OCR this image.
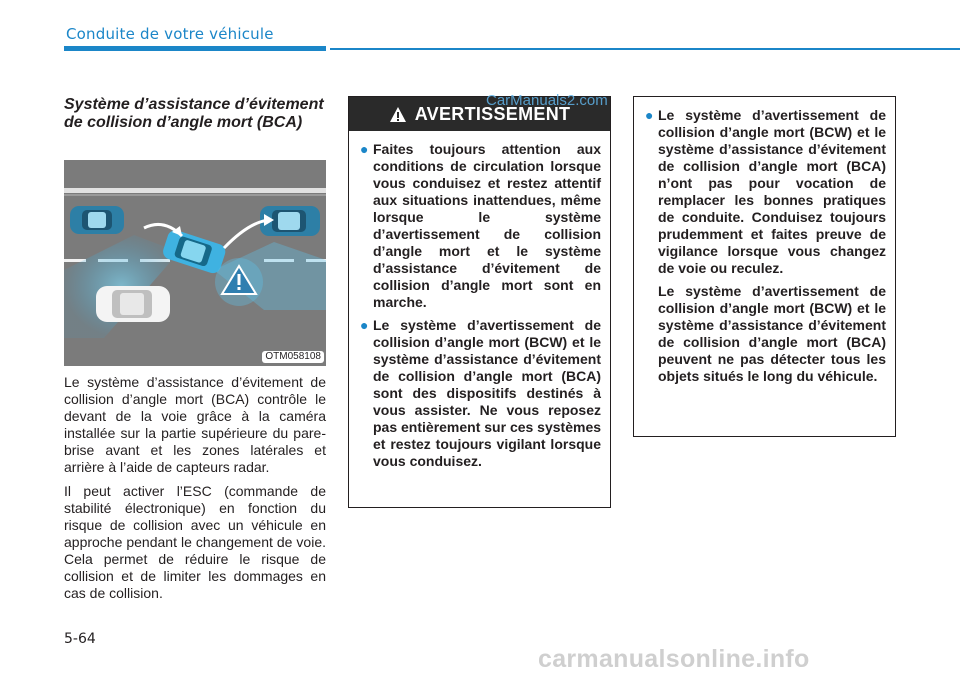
Conduite de votre véhicule
Système d’assistance d’évitement de collision d’angle mort (BCA)
OTM058108

Le système d’assistance d’évitement de collision d’angle mort (BCA) contrôle le devant de la voie grâce à la caméra installée sur la partie supérieure du pare-brise avant et les zones latérales et arrière à l’aide de capteurs radar.

Il peut activer l’ESC (commande de stabilité électronique) en fonction du risque de collision avec un véhicule en approche pendant le changement de voie. Cela permet de réduire le risque de collision et de limiter les dommages en cas de collision.

AVERTISSEMENT
● Faites toujours attention aux conditions de circulation lorsque vous conduisez et restez attentif aux situations inattendues, même lorsque le système d’avertissement de collision d’angle mort et le système d’assistance d’évitement de collision d’angle mort sont en marche.
● Le système d’avertissement de collision d’angle mort (BCW) et le système d’assistance d’évitement de collision d’angle mort (BCA) sont des dispositifs destinés à vous assister. Ne vous reposez pas entièrement sur ces systèmes et restez toujours vigilant lorsque vous conduisez.
CarManuals2.com
● Le système d’avertissement de collision d’angle mort (BCW) et le système d’assistance d’évitement de collision d’angle mort (BCA) n’ont pas pour vocation de remplacer les bonnes pratiques de conduite. Conduisez toujours prudemment et faites preuve de vigilance lorsque vous changez de voie ou reculez.

Le système d’avertissement de collision d’angle mort (BCW) et le système d’assistance d’évitement de collision d’angle mort (BCA) peuvent ne pas détecter tous les objets situés le long du véhicule.

5-64
carmanualsonline.info
